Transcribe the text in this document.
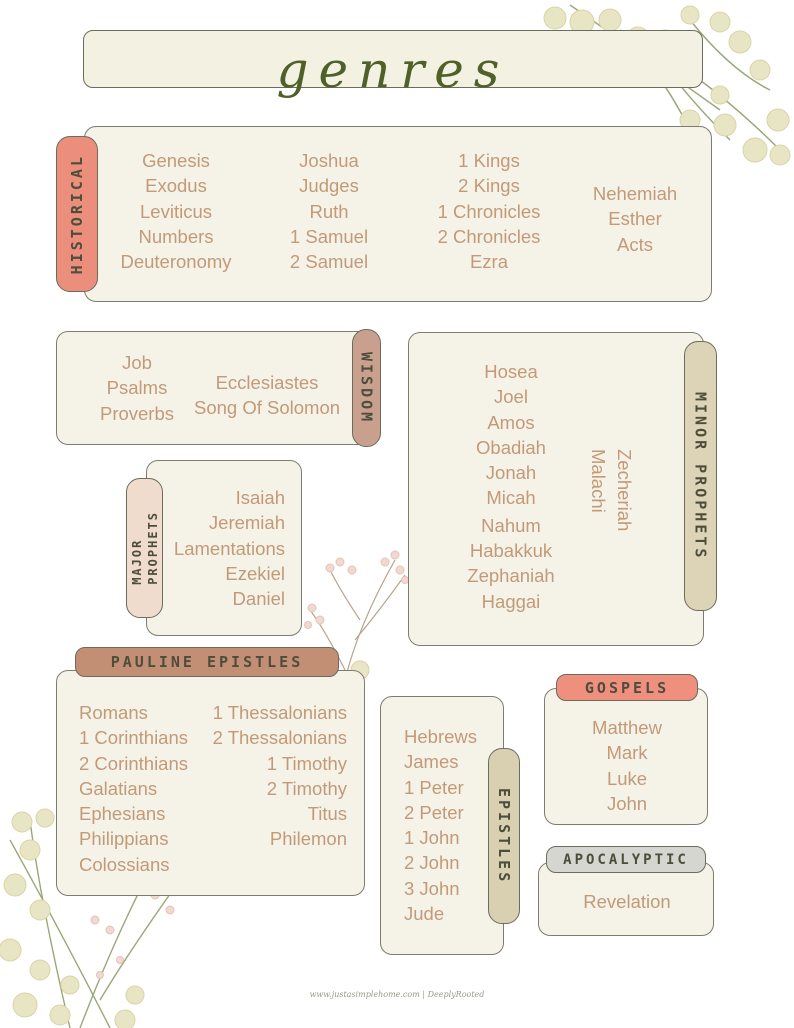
genres
Genesis
Exodus
Leviticus
Numbers
Deuteronomy
Joshua
Judges
Ruth
1 Samuel
2 Samuel
1 Kings
2 Kings
1 Chronicles
2 Chronicles
Ezra
Nehemiah
Esther
Acts
HISTORICAL
Job
Psalms
Proverbs
Ecclesiastes
Song Of Solomon	WISDOM
Isaiah
Jeremiah
Lamentations
Ezekiel
Daniel
MAJOR PROPHETS
Hosea
Joel
Amos
Obadiah
Jonah
Micah
Nahum
Habakkuk
Zephaniah
Haggai
Zecheriah
Malachi	MINOR PROPHETS
Romans
1 Corinthians
2 Corinthians
Galatians
Ephesians
Philippians
Colossians
1 Thessalonians
2 Thessalonians
1 Timothy
2 Timothy
Titus
Philemon
PAULINE EPISTLES
Hebrews
James
1 Peter
2 Peter
1 John
2 John
3 John
Jude
EPISTLES
Matthew
Mark
Luke
John
GOSPELS
Revelation
APOCALYPTIC
www.justasimplehome.com | DeeplyRooted
